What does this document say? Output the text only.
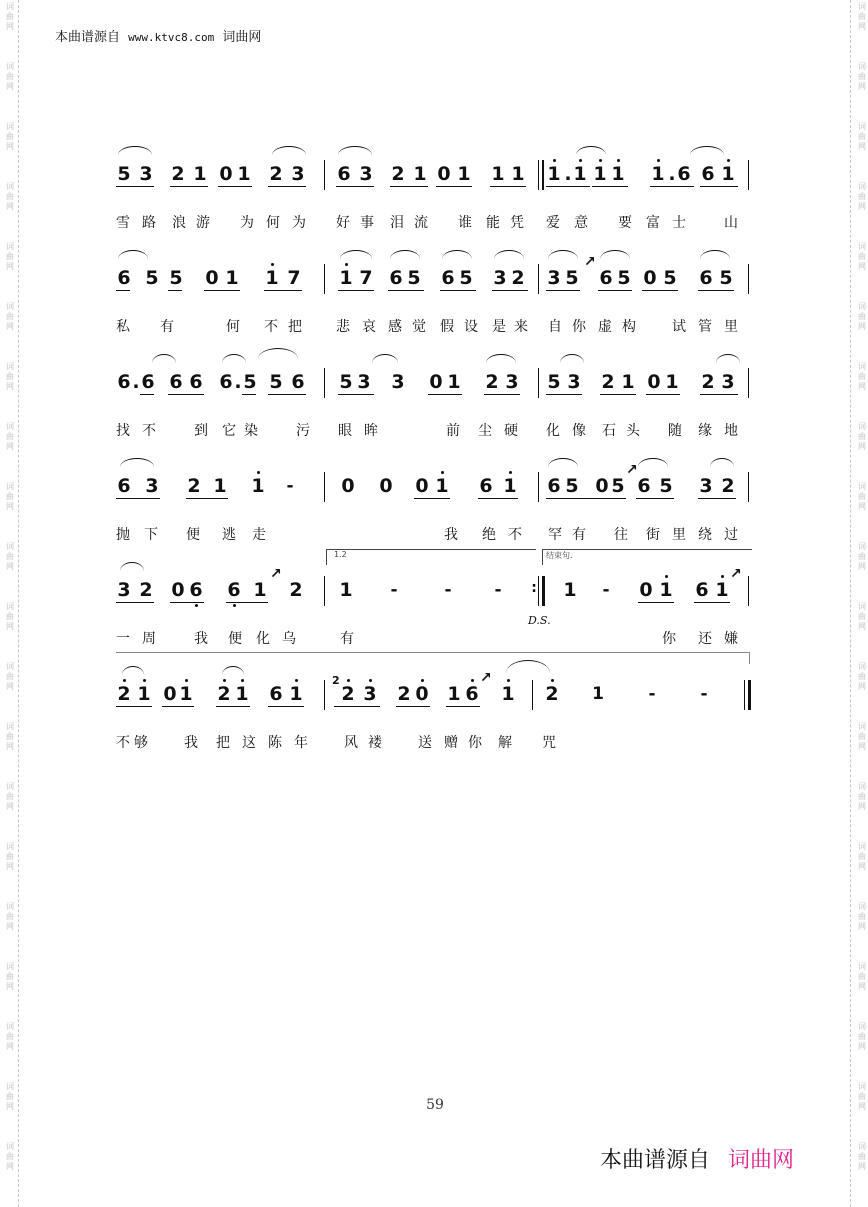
词
曲
网
词
曲
网
词
曲
网
词
曲
网
词
曲
网
词
曲
网
词
曲
网
词
曲
网
词
曲
网
词
曲
网
词
曲
网
词
曲
网
词
曲
网
词
曲
网
词
曲
网
词
曲
网
词
曲
网
词
曲
网
词
曲
网
词
曲
网
词
曲
网
词
曲
网
词
曲
网
词
曲
网
词
曲
网
词
曲
网
词
曲
网
词
曲
网
词
曲
网
词
曲
网
词
曲
网
词
曲
网
词
曲
网
词
曲
网
词
曲
网
词
曲
网
词
曲
网
词
曲
网
词
曲
网
词
曲
网
本曲谱源自 www.ktvc8.com 词曲网
5 3 2 1 0 1 2 3 6 3 2 1 0 1 1 1 1 . 1 1 1 1 . 6 6 1
雪 路 浪 游 为 何 为 好 事 泪 流 谁 能 凭 爱 意 要 富 士	山
6 5 5 0 1 1 7 1 7 6 5 6 5 3 2 3 5
↗
6 5 0 5 6 5
私 有	何 不 把 悲 哀 感 觉 假 设 是 来 自 你 虚 构	试 管 里
6 . 6 6 6 6 . 5 5 6 5 3 3 0 1 2 3 5 3 2 1 0 1 2 3
找 不	到 它 染	污 眼 眸	前 尘 硬 化 像 石 头 随 缘 地
6 3 2 1 1 -	0 0 0 1 6 1 6 5 0 5
↗
6 5 3 2
抛 下 便 逃 走	我 绝 不 罕 有 往 街 里 绕 过
1.2	结束句.
3 2 0 6 6 1
↗
2 1 -	-	-	:
D.S.
1 - 0 1 6 1
↗
一 周	我 便 化 乌	有	你 还 嫌
2 1 0 1 2 1 6 1
2
2 3 2 0 1 6
↗
1 2 1	-	-
不 够	我 把 这 陈 年	风 褛	送 赠 你 解 咒
59
本曲谱源自 词曲网
